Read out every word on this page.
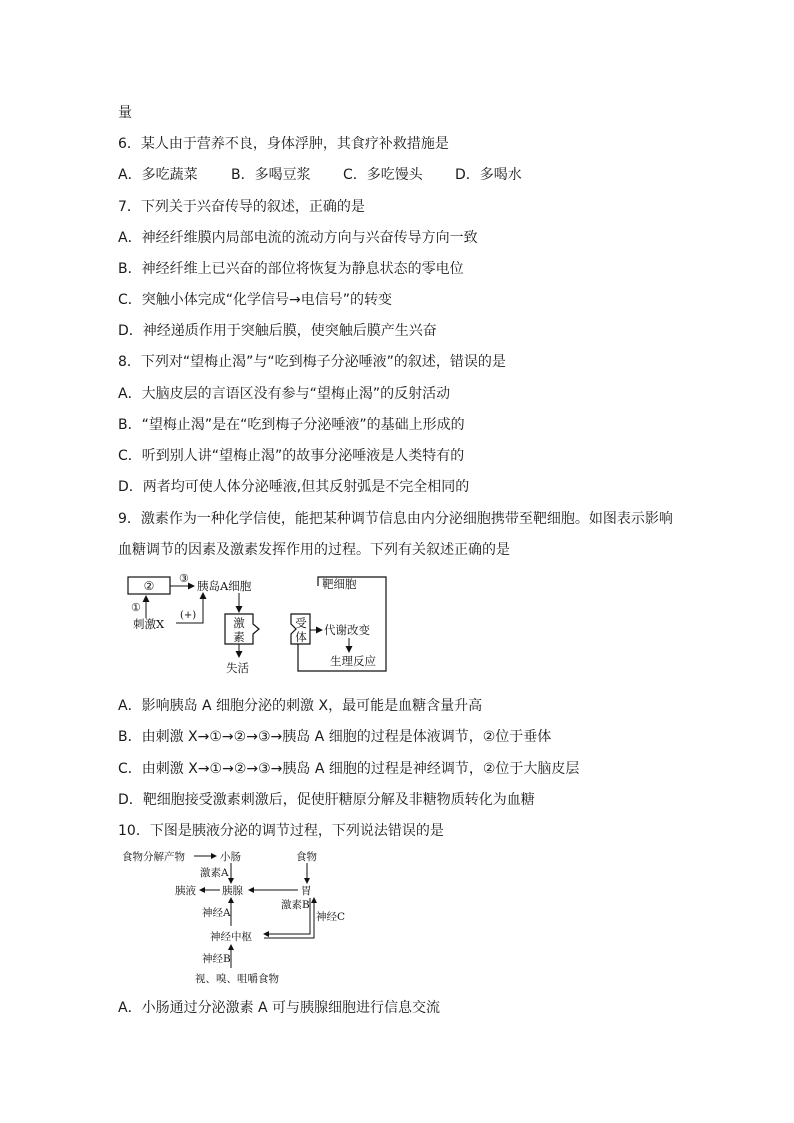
量
6．某人由于营养不良，身体浮肿，其食疗补救措施是
A．多吃蔬菜 B．多喝豆浆 C．多吃馒头 D．多喝水
7．下列关于兴奋传导的叙述，正确的是
A．神经纤维膜内局部电流的流动方向与兴奋传导方向一致
B．神经纤维上已兴奋的部位将恢复为静息状态的零电位
C．突触小体完成“化学信号→电信号”的转变
D．神经递质作用于突触后膜，使突触后膜产生兴奋
8．下列对“望梅止渴”与“吃到梅子分泌唾液”的叙述，错误的是
A．大脑皮层的言语区没有参与“望梅止渴”的反射活动
B．“望梅止渴”是在“吃到梅子分泌唾液”的基础上形成的
C．听到别人讲“望梅止渴”的故事分泌唾液是人类特有的
D．两者均可使人体分泌唾液,但其反射弧是不完全相同的
9．激素作为一种化学信使，能把某种调节信息由内分泌细胞携带至靶细胞。如图表示影响
血糖调节的因素及激素发挥作用的过程。下列有关叙述正确的是
②
③
胰岛A细胞
①
刺激X
(+)
激
素
失活
靶细胞
受
体 代谢改变
生理反应
A．影响胰岛 A 细胞分泌的刺激 X，最可能是血糖含量升高
B．由刺激 X→①→②→③→胰岛 A 细胞的过程是体液调节，②位于垂体
C．由刺激 X→①→②→③→胰岛 A 细胞的过程是神经调节，②位于大脑皮层
D．靶细胞接受激素刺激后，促使肝糖原分解及非糖物质转化为血糖
10．下图是胰液分泌的调节过程，下列说法错误的是
食物分解产物	小肠	食物
激素A
胰液 胰腺	胃
激素B
神经A	神经C
神经中枢
神经B
视、嗅、咀嚼食物
A．小肠通过分泌激素 A 可与胰腺细胞进行信息交流
